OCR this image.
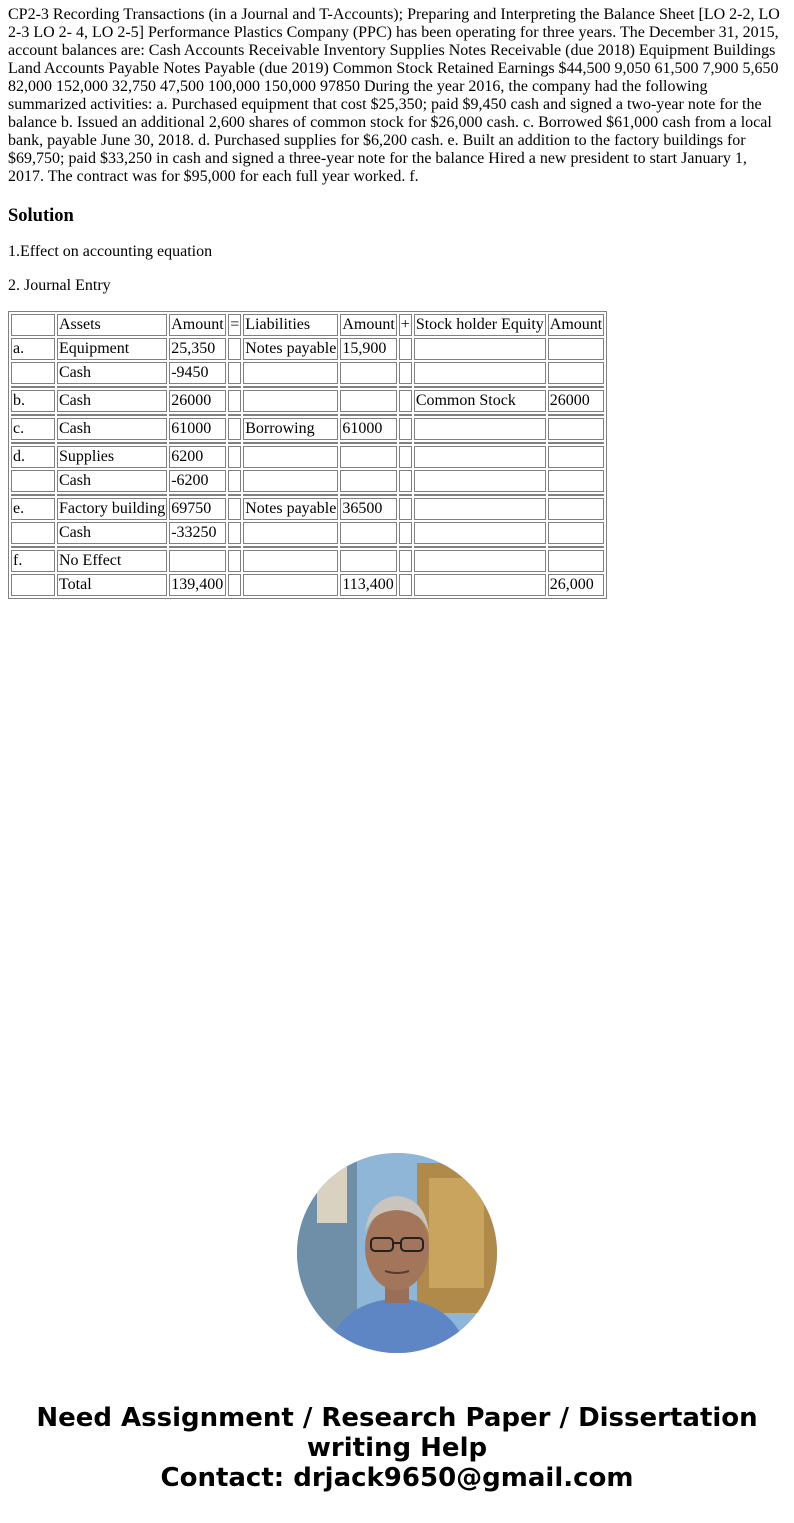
CP2-3 Recording Transactions (in a Journal and T-Accounts); Preparing and Interpreting the Balance Sheet [LO 2-2, LO 2-3 LO 2- 4, LO 2-5] Performance Plastics Company (PPC) has been operating for three years. The December 31, 2015, account balances are: Cash Accounts Receivable Inventory Supplies Notes Receivable (due 2018) Equipment Buildings Land Accounts Payable Notes Payable (due 2019) Common Stock Retained Earnings $44,500 9,050 61,500 7,900 5,650 82,000 152,000 32,750 47,500 100,000 150,000 97850 During the year 2016, the company had the following summarized activities: a. Purchased equipment that cost $25,350; paid $9,450 cash and signed a two-year note for the balance b. Issued an additional 2,600 shares of common stock for $26,000 cash. c. Borrowed $61,000 cash from a local bank, payable June 30, 2018. d. Purchased supplies for $6,200 cash. e. Built an addition to the factory buildings for $69,750; paid $33,250 in cash and signed a three-year note for the balance Hired a new president to start January 1, 2017. The contract was for $95,000 for each full year worked. f.

Solution

1.Effect on accounting equation

2. Journal Entry

	Assets	Amount	=	Liabilities	Amount	+	Stock holder Equity	Amount
a.	Equipment	25,350		Notes payable	15,900			
	Cash	-9450						

b.	Cash	26000					Common Stock	26000

c.	Cash	61000		Borrowing	61000			

d.	Supplies	6200						
	Cash	-6200						

e.	Factory building	69750		Notes payable	36500			
	Cash	-33250						

f.	No Effect							
	Total	139,400			113,400			26,000
Need Assignment / Research Paper / Dissertation
writing Help
Contact: drjack9650@gmail.com
